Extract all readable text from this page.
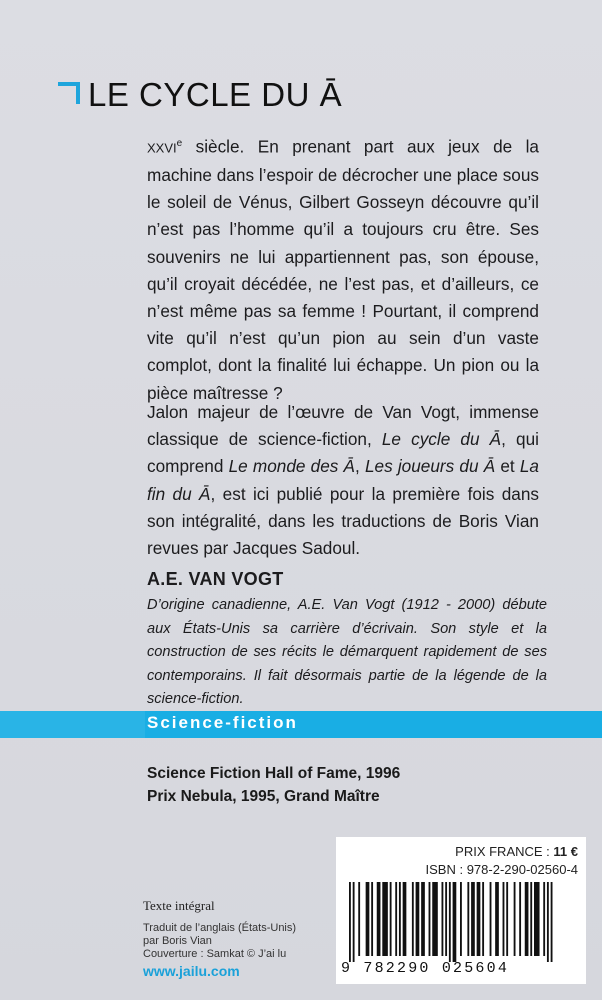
LE CYCLE DU Ā

XXVIe siècle. En prenant part aux jeux de la machine dans l’espoir de décrocher une place sous le soleil de Vénus, Gilbert Gosseyn découvre qu’il n’est pas l’homme qu’il a toujours cru être. Ses souvenirs ne lui appartiennent pas, son épouse, qu’il croyait décédée, ne l’est pas, et d’ailleurs, ce n’est même pas sa femme ! Pourtant, il comprend vite qu’il n’est qu’un pion au sein d’un vaste complot, dont la finalité lui échappe. Un pion ou la pièce maîtresse ?

Jalon majeur de l’œuvre de Van Vogt, immense classique de science-fiction, Le cycle du Ā, qui comprend Le monde des Ā, Les joueurs du Ā et La fin du Ā, est ici publié pour la première fois dans son intégralité, dans les traductions de Boris Vian revues par Jacques Sadoul.

A.E. VAN VOGT

D’origine canadienne, A.E. Van Vogt (1912 - 2000) débute aux États-Unis sa carrière d’écrivain. Son style et la construction de ses récits le démarquent rapidement de ses contemporains. Il fait désormais partie de la légende de la science-fiction.

Science-fiction
Science Fiction Hall of Fame, 1996
Prix Nebula, 1995, Grand Maître
Texte intégral

Traduit de l’anglais (États-Unis)
par Boris Vian
Couverture : Samkat © J’ai lu

www.jailu.com
PRIX FRANCE : 11 €
ISBN : 978-2-290-02560-4
9 782290 025604
